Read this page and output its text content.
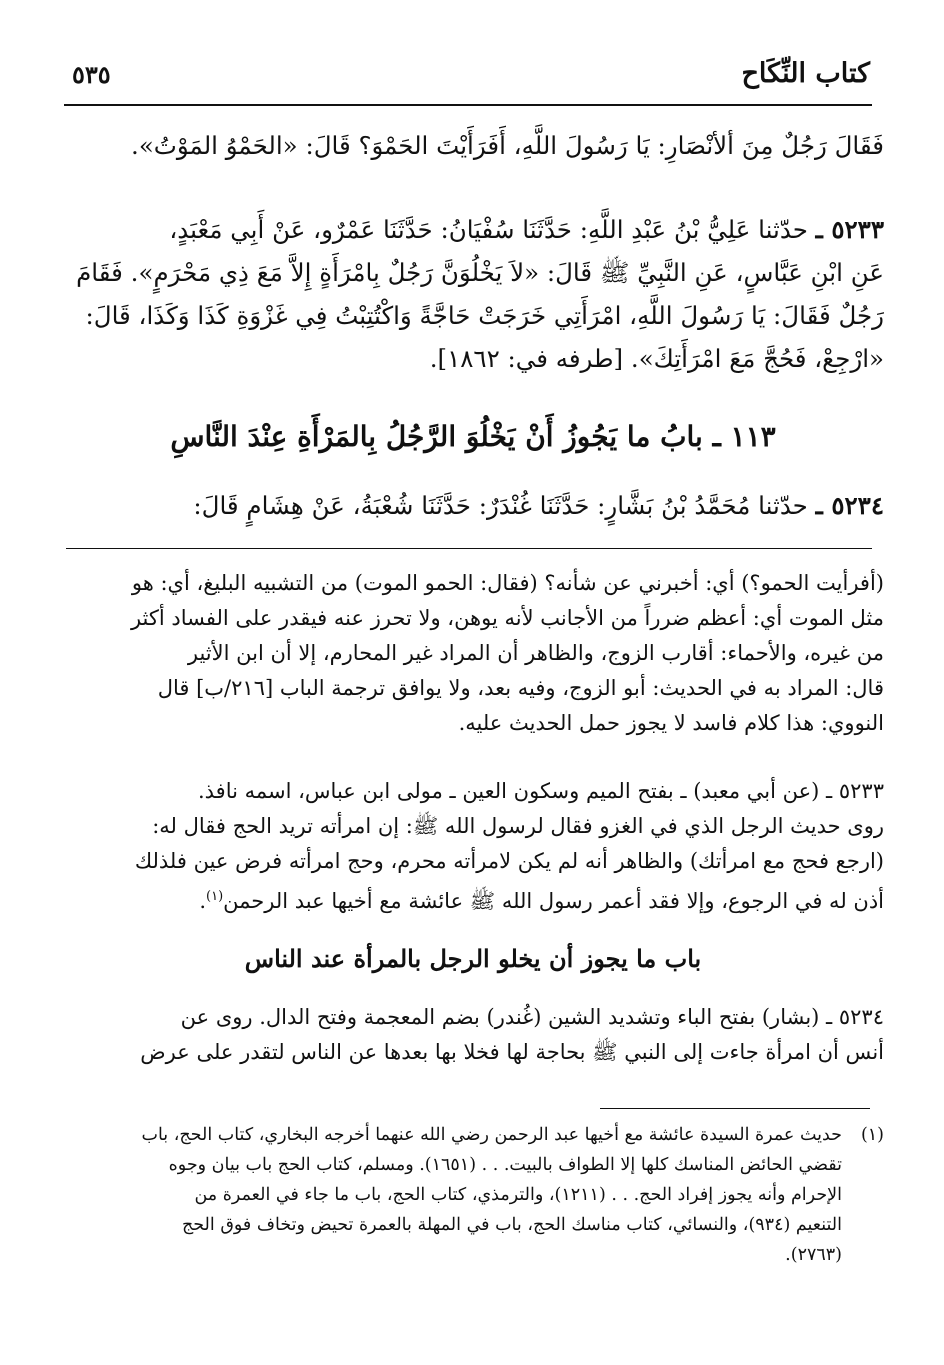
كتاب النِّكَاح
٥٣٥
فَقَالَ رَجُلٌ مِنَ ألأنْصَارِ: يَا رَسُولَ اللَّهِ، أَفَرَأَيْتَ الحَمْوَ؟ قَالَ: «الحَمْوُ المَوْتُ».
٥٢٣٣ ـ حدّثنا عَلِيُّ بْنُ عَبْدِ اللَّهِ: حَدَّثَنَا سُفْيَانُ: حَدَّثَنَا عَمْرٌو، عَنْ أَبِي مَعْبَدٍ،
عَنِ ابْنِ عَبَّاسٍ، عَنِ النَّبِيِّ ﷺ قَالَ: «لاَ يَخْلُوَنَّ رَجُلٌ بِامْرَأَةٍ إِلاَّ مَعَ ذِي مَحْرَمٍ». فَقَامَ
رَجُلٌ فَقَالَ: يَا رَسُولَ اللَّهِ، امْرَأَتِي خَرَجَتْ حَاجَّةً وَاكْتُتِبْتُ فِي غَزْوَةِ كَذَا وَكَذَا، قَالَ:
«ارْجِعْ، فَحُجَّ مَعَ امْرَأَتِكَ». [طرفه في: ١٨٦٢].
١١٣ ـ بابُ ما يَجُوزُ أَنْ يَخْلُوَ الرَّجُلُ بِالمَرْأَةِ عِنْدَ النَّاسِ
٥٢٣٤ ـ حدّثنا مُحَمَّدُ بْنُ بَشَّارٍ: حَدَّثَنَا غُنْدَرٌ: حَدَّثَنَا شُعْبَةُ، عَنْ هِشَامٍ قَالَ:
(أفرأيت الحمو؟) أي: أخبرني عن شأنه؟ (فقال: الحمو الموت) من التشبيه البليغ، أي: هو
مثل الموت أي: أعظم ضرراً من الأجانب لأنه يوهن، ولا تحرز عنه فيقدر على الفساد أكثر
من غيره، والأحماء: أقارب الزوج، والظاهر أن المراد غير المحارم، إلا أن ابن الأثير
قال: المراد به في الحديث: أبو الزوج، وفيه بعد، ولا يوافق ترجمة الباب [٢١٦/ب] قال
النووي: هذا كلام فاسد لا يجوز حمل الحديث عليه.
٥٢٣٣ ـ (عن أبي معبد) ـ بفتح الميم وسكون العين ـ مولى ابن عباس، اسمه نافذ.
روى حديث الرجل الذي في الغزو فقال لرسول الله ﷺ: إن امرأته تريد الحج فقال له:
(ارجع فحج مع امرأتك) والظاهر أنه لم يكن لامرأته محرم، وحج امرأته فرض عين فلذلك
أذن له في الرجوع، وإلا فقد أعمر رسول الله ﷺ عائشة مع أخيها عبد الرحمن$^{(١)}$.
باب ما يجوز أن يخلو الرجل بالمرأة عند الناس
٥٢٣٤ ـ (بشار) بفتح الباء وتشديد الشين (غُندر) بضم المعجمة وفتح الدال. روى عن
أنس أن امرأة جاءت إلى النبي ﷺ بحاجة لها فخلا بها بعدها عن الناس لتقدر على عرض
(١)حديث عمرة السيدة عائشة مع أخيها عبد الرحمن رضي الله عنهما أخرجه البخاري، كتاب الحج، باب
تقضي الحائض المناسك كلها إلا الطواف بالبيت. . . (١٦٥١). ومسلم، كتاب الحج باب بيان وجوه
الإحرام وأنه يجوز إفراد الحج. . . (١٢١١)، والترمذي، كتاب الحج، باب ما جاء في العمرة من
التنعيم (٩٣٤)، والنسائي، كتاب مناسك الحج، باب في المهلة بالعمرة تحيض وتخاف فوق الحج
(٢٧٦٣).
